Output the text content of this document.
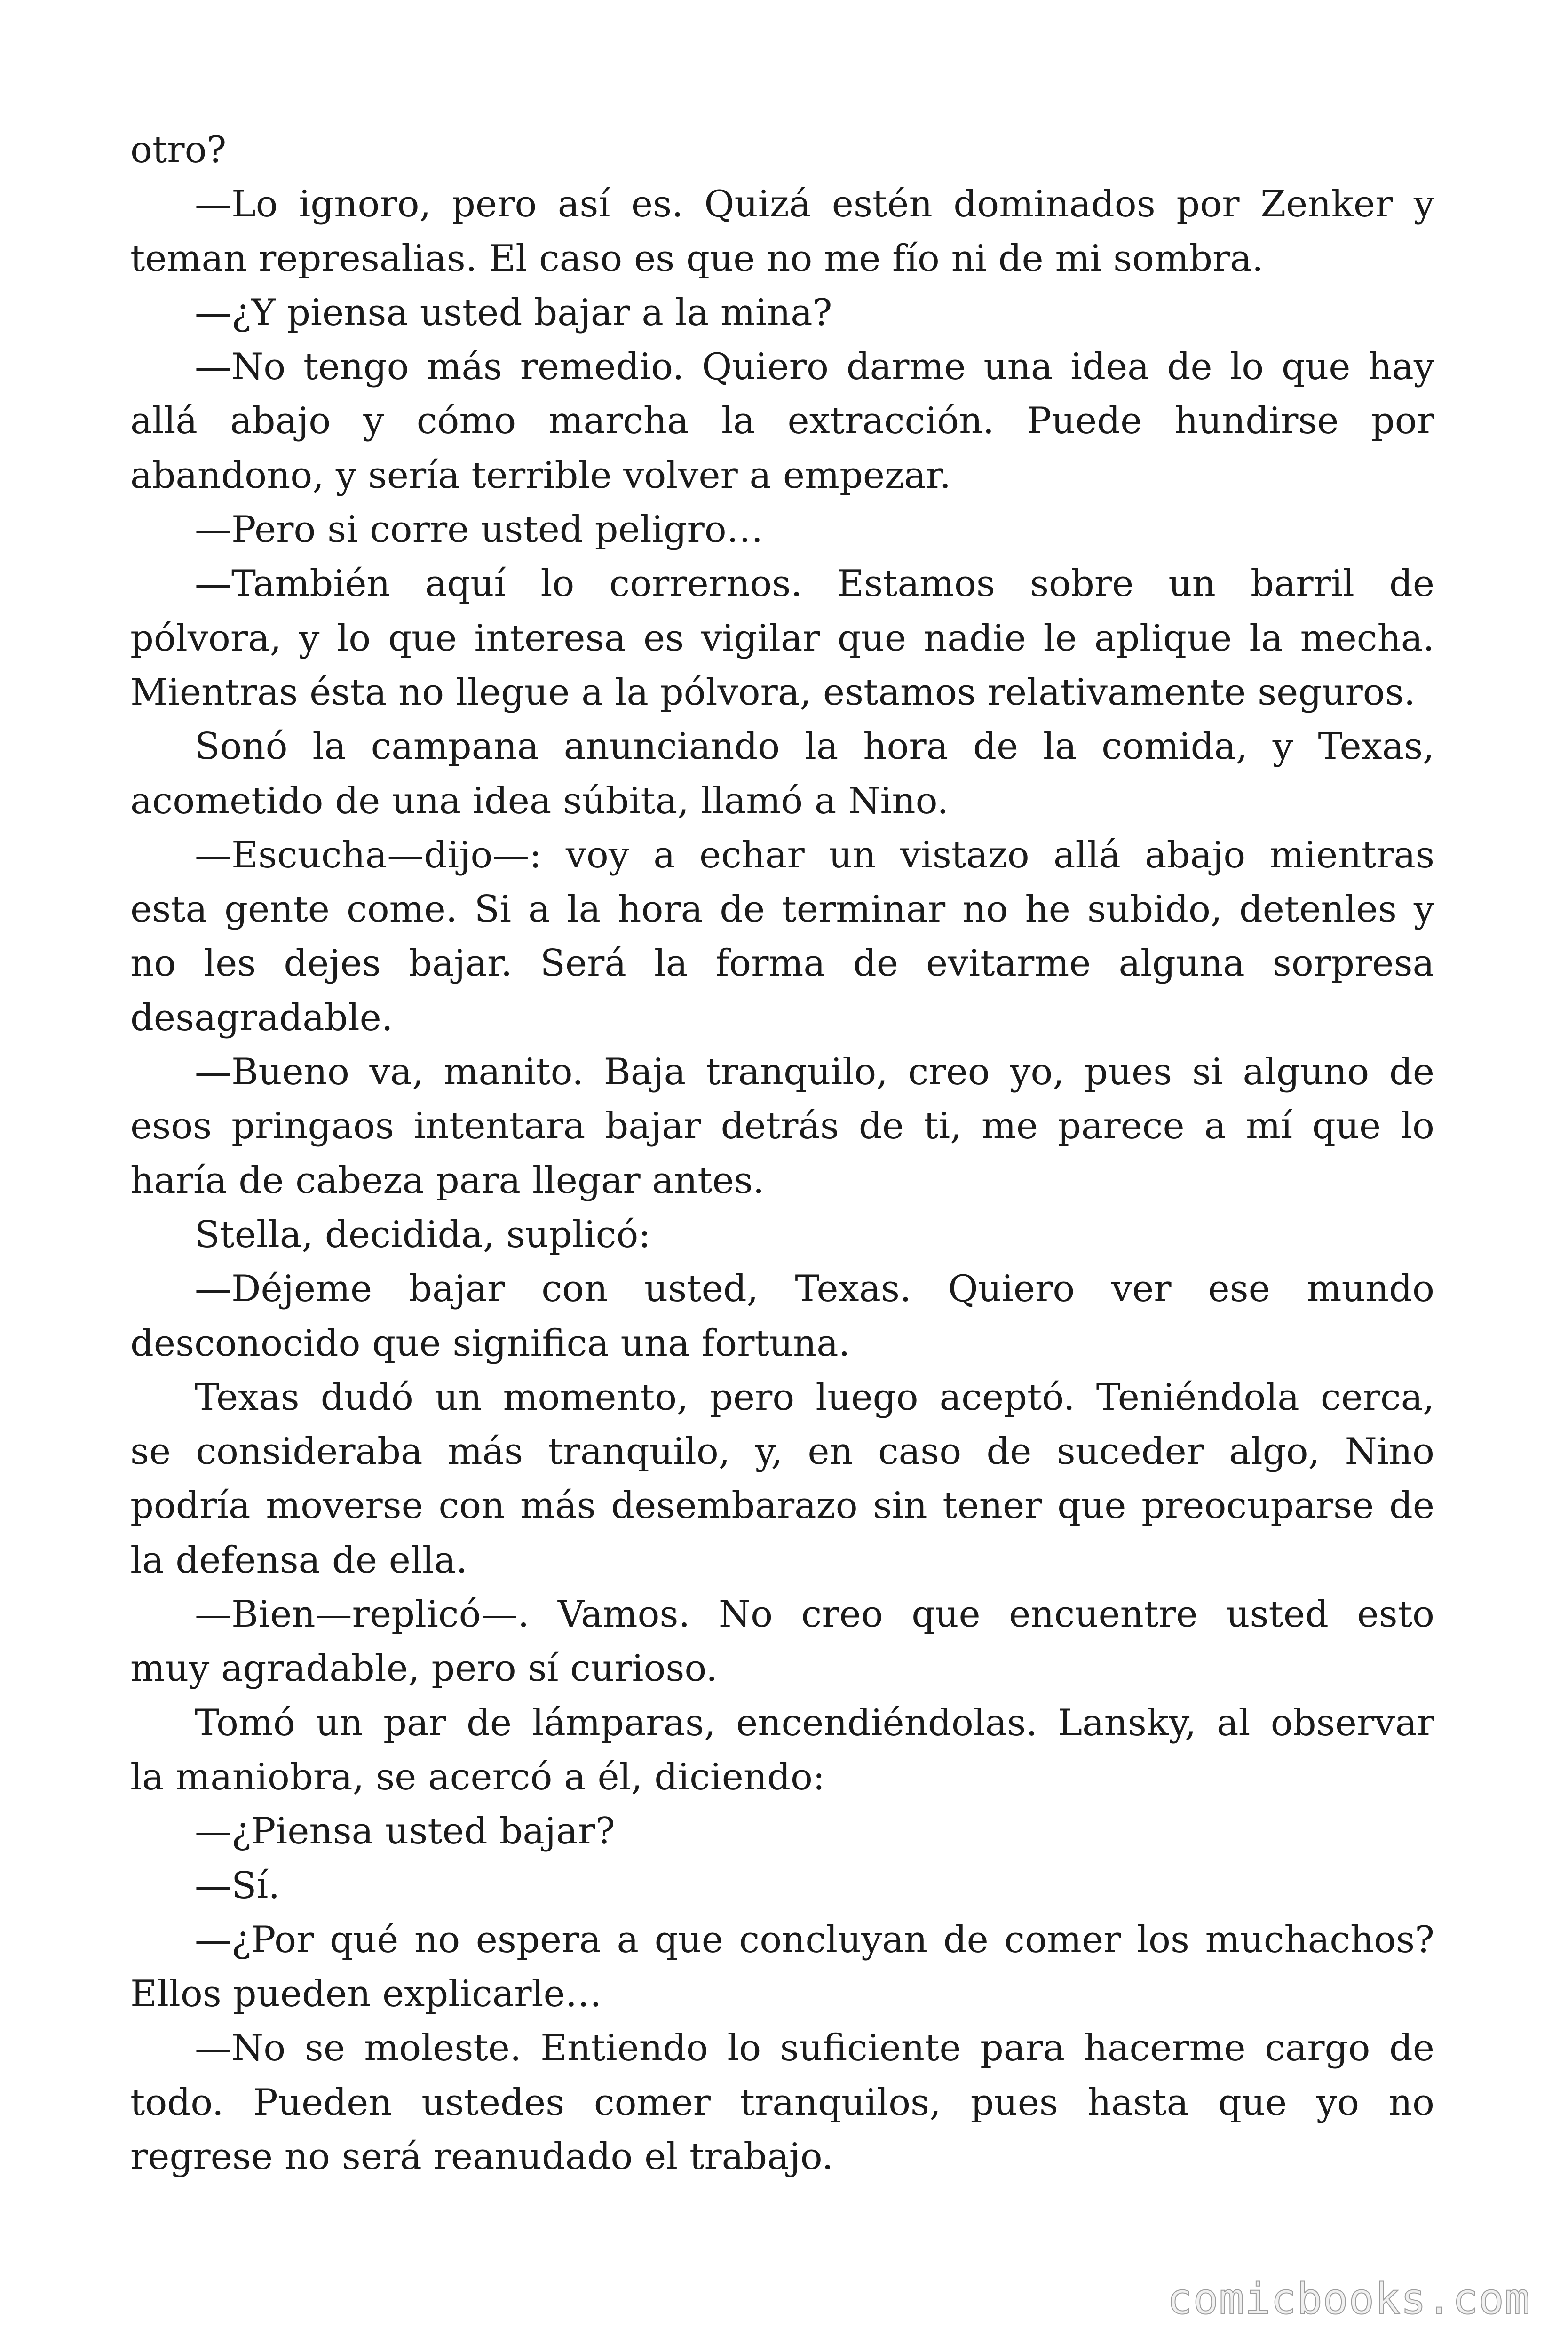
otro?
—Lo ignoro, pero así es. Quizá estén dominados por Zenker y
teman represalias. El caso es que no me fío ni de mi sombra.
—¿Y piensa usted bajar a la mina?
—No tengo más remedio. Quiero darme una idea de lo que hay
allá abajo y cómo marcha la extracción. Puede hundirse por
abandono, y sería terrible volver a empezar.
—Pero si corre usted peligro…
—También aquí lo corrernos. Estamos sobre un barril de
pólvora, y lo que interesa es vigilar que nadie le aplique la mecha.
Mientras ésta no llegue a la pólvora, estamos relativamente seguros.
Sonó la campana anunciando la hora de la comida, y Texas,
acometido de una idea súbita, llamó a Nino.
—Escucha—dijo—: voy a echar un vistazo allá abajo mientras
esta gente come. Si a la hora de terminar no he subido, detenles y
no les dejes bajar. Será la forma de evitarme alguna sorpresa
desagradable.
—Bueno va, manito. Baja tranquilo, creo yo, pues si alguno de
esos pringaos intentara bajar detrás de ti, me parece a mí que lo
haría de cabeza para llegar antes.
Stella, decidida, suplicó:
—Déjeme bajar con usted, Texas. Quiero ver ese mundo
desconocido que significa una fortuna.
Texas dudó un momento, pero luego aceptó. Teniéndola cerca,
se consideraba más tranquilo, y, en caso de suceder algo, Nino
podría moverse con más desembarazo sin tener que preocuparse de
la defensa de ella.
—Bien—replicó—. Vamos. No creo que encuentre usted esto
muy agradable, pero sí curioso.
Tomó un par de lámparas, encendiéndolas. Lansky, al observar
la maniobra, se acercó a él, diciendo:
—¿Piensa usted bajar?
—Sí.
—¿Por qué no espera a que concluyan de comer los muchachos?
Ellos pueden explicarle…
—No se moleste. Entiendo lo suficiente para hacerme cargo de
todo. Pueden ustedes comer tranquilos, pues hasta que yo no
regrese no será reanudado el trabajo.
comicbooks.com
